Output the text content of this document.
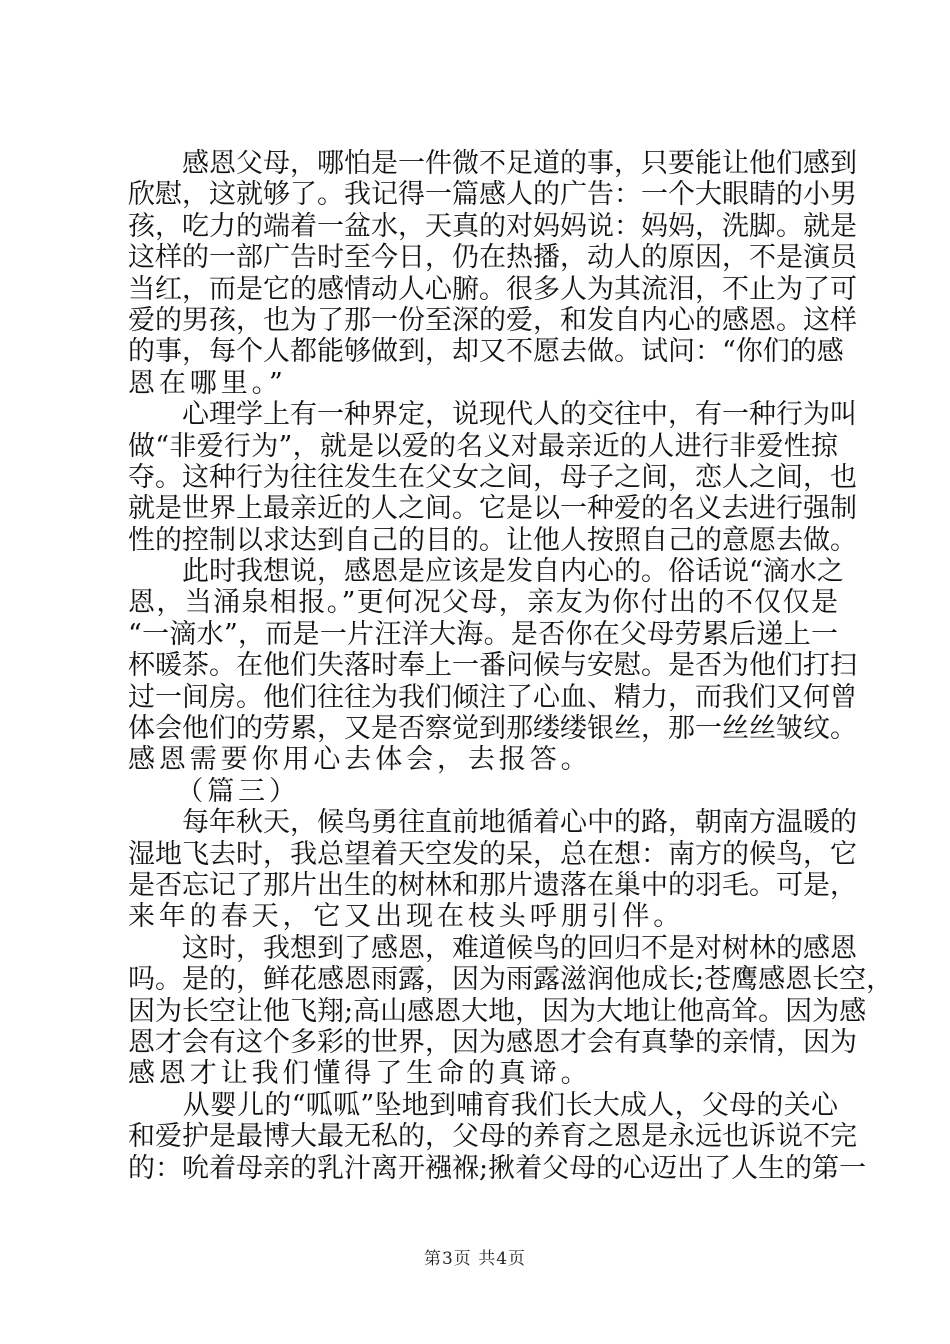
　　感恩父母，哪怕是一件微不足道的事，只要能让他们感到
欣慰，这就够了。我记得一篇感人的广告：一个大眼睛的小男
孩，吃力的端着一盆水，天真的对妈妈说：妈妈，洗脚。就是
这样的一部广告时至今日，仍在热播，动人的原因，不是演员
当红，而是它的感情动人心腑。很多人为其流泪，不止为了可
爱的男孩，也为了那一份至深的爱，和发自内心的感恩。这样
的事，每个人都能够做到，却又不愿去做。试问：“你们的感
恩在哪里。”
　　心理学上有一种界定，说现代人的交往中，有一种行为叫
做“非爱行为”，就是以爱的名义对最亲近的人进行非爱性掠
夺。这种行为往往发生在父女之间，母子之间，恋人之间，也
就是世界上最亲近的人之间。它是以一种爱的名义去进行强制
性的控制以求达到自己的目的。让他人按照自己的意愿去做。
　　此时我想说，感恩是应该是发自内心的。俗话说“滴水之
恩，当涌泉相报。”更何况父母，亲友为你付出的不仅仅是
“一滴水”，而是一片汪洋大海。是否你在父母劳累后递上一
杯暖茶。在他们失落时奉上一番问候与安慰。是否为他们打扫
过一间房。他们往往为我们倾注了心血、精力，而我们又何曾
体会他们的劳累，又是否察觉到那缕缕银丝，那一丝丝皱纹。
感恩需要你用心去体会，去报答。
　　（篇三）
　　每年秋天，候鸟勇往直前地循着心中的路，朝南方温暖的
湿地飞去时，我总望着天空发的呆，总在想：南方的候鸟，它
是否忘记了那片出生的树林和那片遗落在巢中的羽毛。可是，
来年的春天，它又出现在枝头呼朋引伴。
　　这时，我想到了感恩，难道候鸟的回归不是对树林的感恩
吗。是的，鲜花感恩雨露，因为雨露滋润他成长;苍鹰感恩长空，
因为长空让他飞翔;高山感恩大地，因为大地让他高耸。因为感
恩才会有这个多彩的世界，因为感恩才会有真挚的亲情，因为
感恩才让我们懂得了生命的真谛。
　　从婴儿的“呱呱”坠地到哺育我们长大成人，父母的关心
和爱护是最博大最无私的，父母的养育之恩是永远也诉说不完
的：吮着母亲的乳汁离开襁褓;揪着父母的心迈出了人生的第一
第3页 共4页
